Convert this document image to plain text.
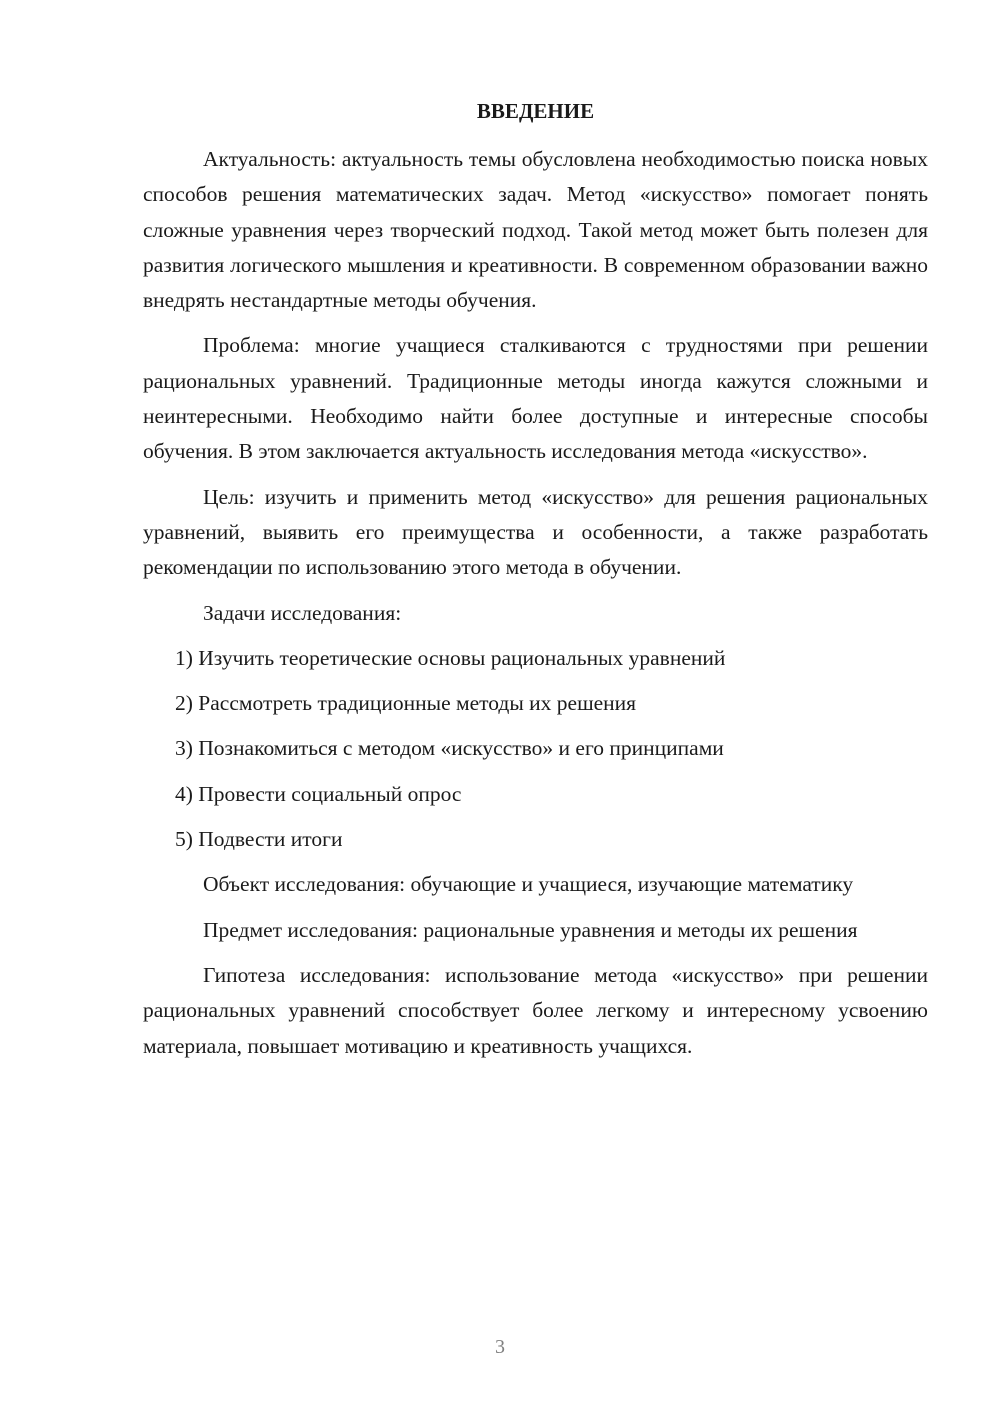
ВВЕДЕНИЕ

Актуальность: актуальность темы обусловлена необходимостью поиска новых способов решения математических задач. Метод «искусство» помогает понять сложные уравнения через творческий подход. Такой метод может быть полезен для развития логического мышления и креативности. В современном образовании важно внедрять нестандартные методы обучения.

Проблема: многие учащиеся сталкиваются с трудностями при решении рациональных уравнений. Традиционные методы иногда кажутся сложными и неинтересными. Необходимо найти более доступные и интересные способы обучения. В этом заключается актуальность исследования метода «искусство».

Цель: изучить и применить метод «искусство» для решения рациональных уравнений, выявить его преимущества и особенности, а также разработать рекомендации по использованию этого метода в обучении.

Задачи исследования:

1) Изучить теоретические основы рациональных уравнений
2) Рассмотреть традиционные методы их решения
3) Познакомиться с методом «искусство» и его принципами
4) Провести социальный опрос
5) Подвести итоги

Объект исследования: обучающие и учащиеся, изучающие математику

Предмет исследования: рациональные уравнения и методы их решения

Гипотеза исследования: использование метода «искусство» при решении рациональных уравнений способствует более легкому и интересному усвоению материала, повышает мотивацию и креативность учащихся.

3
